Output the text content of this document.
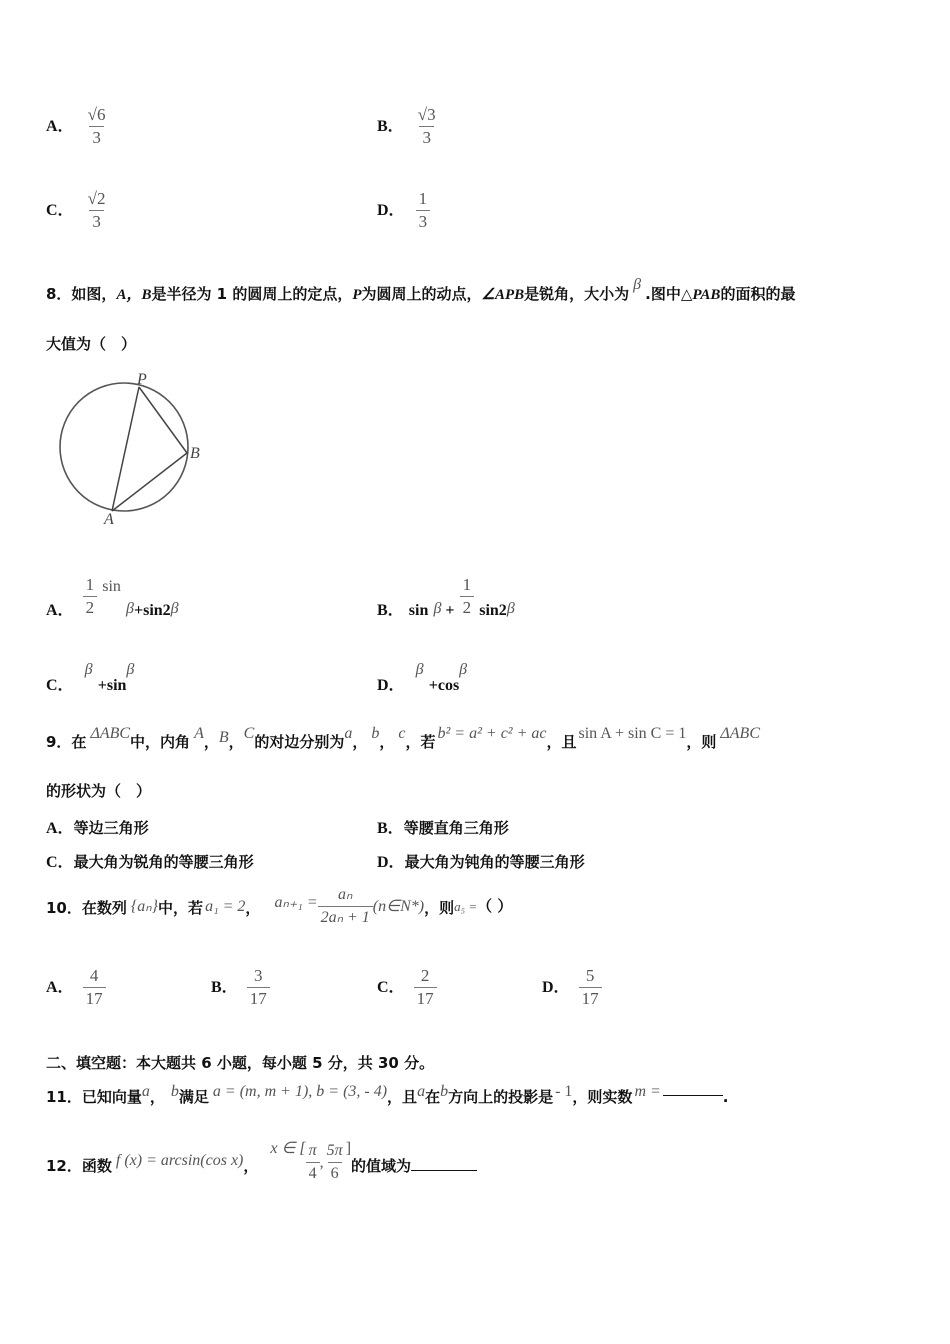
A． $\frac{√6}{3}$	B． $\frac{√3}{3}$
C． $\frac{√2}{3}$	D． $\frac{1}{3}$
8．如图，A，B是半径为 1 的圆周上的定点，P为圆周上的动点，∠APB是锐角，大小为β.图中△PAB的面积的最
大值为（　）
P
B
A
A． $\frac{1}{2}$ sin β+sin2β	B． $\sin \beta + \frac{1}{2} \sin 2\beta$
C． β +sinβ
D． β +cosβ
9．在 ΔABC中，内角 A，B，C的对边分别为a， b， c，若 b² = a² + c² + ac，且 sin A + sin C = 1，则 ΔABC
的形状为（　）
A．等边三角形	B．等腰直角三角形
C．最大角为锐角的等腰三角形	D．最大角为钝角的等腰三角形
10．在数列 {aₙ}中，若 a₁ = 2， $a_{n+1} = \frac{\text{aₙ}}{\text{2aₙ + 1}}$ (n∈N*)，则a₅ =（ ）
A． $\frac{4}{17}$	B． $\frac{3}{17}$	C． $\frac{2}{17}$	D． $\frac{5}{17}$
二、填空题：本大题共 6 小题，每小题 5 分，共 30 分。
11．已知向量a， b满足 a = (m, m + 1), b = (3, - 4)，且a在b方向上的投影是 - 1，则实数 m =	.
12．函数 f (x) = arcsin(cos x)，x ∈ [ $\frac{\pi}{4}$ , $\frac{5\pi}{6}$ ]的值域为
